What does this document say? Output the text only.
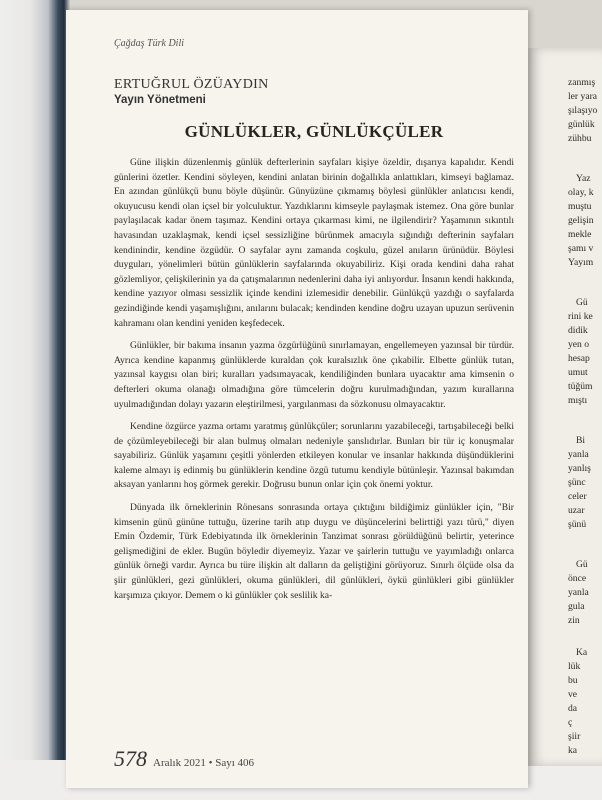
zanmış
ler yara
şılaşıyo
günlük
zühbu
Yaz
olay, k
muştu
gelişin
mekle
şamı v
Yayım
Gü
rini ke
didik
yen o
hesap
umut
tüğüm
mıştı
Bi
yanla
yanlış
şünc
celer
uzar
şünü
Gü
önce
yanla
gula
zin
Ka
lük
bu
ve
da
ç
şiir
ka
Çağdaş Türk Dili

ERTUĞRUL ÖZÜAYDIN

Yayın Yönetmeni

GÜNLÜKLER, GÜNLÜKÇÜLER

Güne ilişkin düzenlenmiş günlük defterlerinin sayfaları kişiye özeldir, dışarıya kapalıdır. Kendi günlerini özetler. Kendini söyleyen, kendini anlatan birinin doğallıkla anlattıkları, kimseyi bağlamaz. En azından günlükçü bunu böyle düşünür. Günyüzüne çıkmamış böylesi günlükler anlatıcısı kendi, okuyucusu kendi olan içsel bir yolculuktur. Yazdıklarını kimseyle paylaşmak istemez. Ona göre bunlar paylaşılacak kadar önem taşımaz. Kendini ortaya çıkarması kimi, ne ilgilendirir? Yaşamının sıkıntılı havasından uzaklaşmak, kendi içsel sessizliğine bürünmek amacıyla sığındığı defterinin sayfaları kendinindir, kendine özgüdür. O sayfalar aynı zamanda coşkulu, güzel anıların ürünüdür. Böylesi duyguları, yönelimleri bütün günlüklerin sayfalarında okuyabiliriz. Kişi orada kendini daha rahat gözlemliyor, çelişkilerinin ya da çatışmalarının nedenlerini daha iyi anlıyordur. İnsanın kendi hakkında, kendine yazıyor olması sessizlik içinde kendini izlemesidir denebilir. Günlükçü yazdığı o sayfalarda gezindiğinde kendi yaşamışlığını, anılarını bulacak; kendinden kendine doğru uzayan upuzun serüvenin kahramanı olan kendini yeniden keşfedecek.

Günlükler, bir bakıma insanın yazma özgürlüğünü sınırlamayan, engellemeyen yazınsal bir türdür. Ayrıca kendine kapanmış günlüklerde kuraldan çok kuralsızlık öne çıkabilir. Elbette günlük tutan, yazınsal kaygısı olan biri; kuralları yadsımayacak, kendiliğinden bunlara uyacaktır ama kimsenin o defterleri okuma olanağı olmadığına göre tümcelerin doğru kurulmadığından, yazım kurallarına uyulmadığından dolayı yazarın eleştirilmesi, yargılanması da sözkonusu olmayacaktır.

Kendine özgürce yazma ortamı yaratmış günlükçüler; sorunlarını yazabileceği, tartışabileceği belki de çözümleyebileceği bir alan bulmuş olmaları nedeniyle şanslıdırlar. Bunları bir tür iç konuşmalar sayabiliriz. Günlük yaşamını çeşitli yönlerden etkileyen konular ve insanlar hakkında düşündüklerini kaleme almayı iş edinmiş bu günlüklerin kendine özgü tutumu kendiyle bütünleşir. Yazınsal bakımdan aksayan yanlarını hoş görmek gerekir. Doğrusu bunun onlar için çok önemi yoktur.

Dünyada ilk örneklerinin Rönesans sonrasında ortaya çıktığını bildiğimiz günlükler için, "Bir kimsenin günü gününe tuttuğu, üzerine tarih atıp duygu ve düşüncelerini belirttiği yazı türü," diyen Emin Özdemir, Türk Edebiyatında ilk örneklerinin Tanzimat sonrası görüldüğünü belirtir, yeterince gelişmediğini de ekler. Bugün böyledir diyemeyiz. Yazar ve şairlerin tuttuğu ve yayımladığı onlarca günlük örneği vardır. Ayrıca bu türe ilişkin alt dalların da geliştiğini görüyoruz. Sınırlı ölçüde olsa da şiir günlükleri, gezi günlükleri, okuma günlükleri, dil günlükleri, öykü günlükleri gibi günlükler karşımıza çıkıyor. Demem o ki günlükler çok seslilik ka-

578 Aralık 2021 • Sayı 406
